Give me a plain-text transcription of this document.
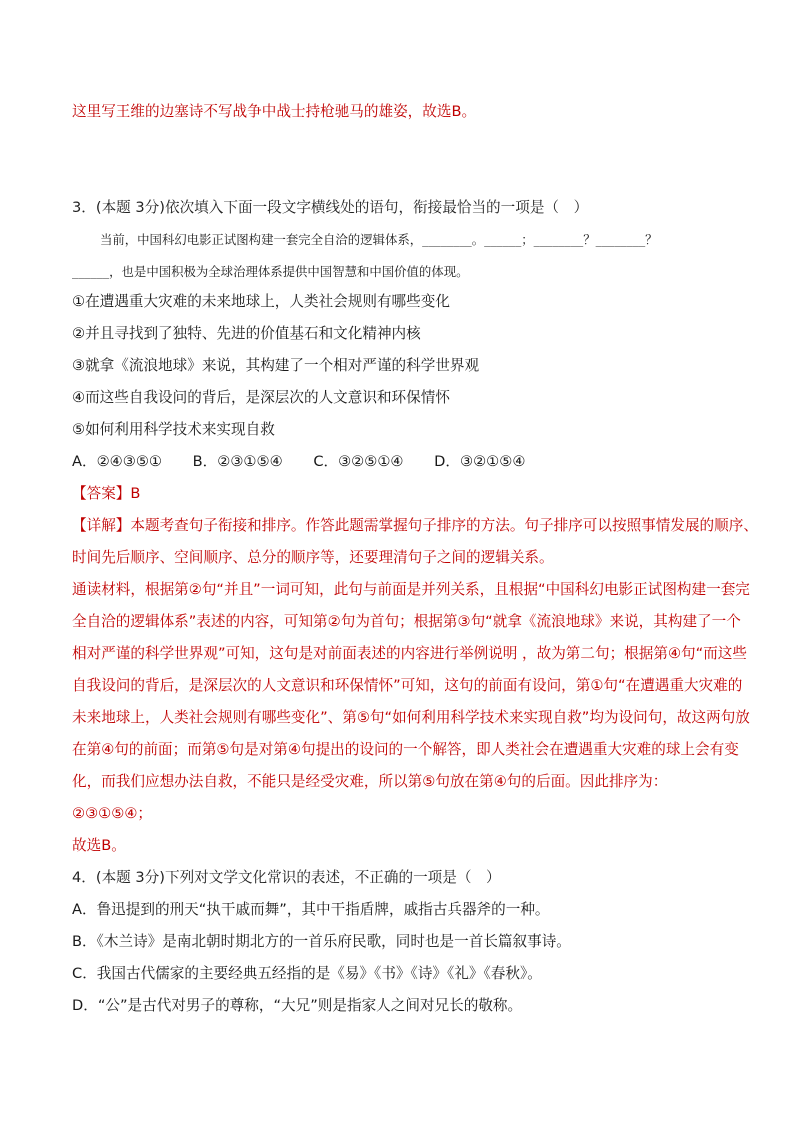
这里写王维的边塞诗不写战争中战士持枪驰马的雄姿，故选B。
3．(本题 3分)依次填入下面一段文字横线处的语句，衔接最恰当的一项是（　）
当前，中国科幻电影正试图构建一套完全自洽的逻辑体系，________。______；________？________？
______，也是中国积极为全球治理体系提供中国智慧和中国价值的体现。
①在遭遇重大灾难的未来地球上，人类社会规则有哪些变化
②并且寻找到了独特、先进的价值基石和文化精神内核
③就拿《流浪地球》来说，其构建了一个相对严谨的科学世界观
④而这些自我设问的背后，是深层次的人文意识和环保情怀
⑤如何利用科学技术来实现自救
A．②④③⑤① B．②③①⑤④ C．③②⑤①④ D．③②①⑤④
【答案】B
【详解】本题考查句子衔接和排序。作答此题需掌握句子排序的方法。句子排序可以按照事情发展的顺序、
时间先后顺序、空间顺序、总分的顺序等，还要理清句子之间的逻辑关系。
通读材料，根据第②句“并且”一词可知，此句与前面是并列关系，且根据“中国科幻电影正试图构建一套完
全自洽的逻辑体系”表述的内容，可知第②句为首句；根据第③句“就拿《流浪地球》来说，其构建了一个
相对严谨的科学世界观”可知，这句是对前面表述的内容进行举例说明 ，故为第二句；根据第④句“而这些
自我设问的背后，是深层次的人文意识和环保情怀”可知，这句的前面有设问，第①句“在遭遇重大灾难的
未来地球上，人类社会规则有哪些变化”、第⑤句“如何利用科学技术来实现自救”均为设问句，故这两句放
在第④句的前面；而第⑤句是对第④句提出的设问的一个解答，即人类社会在遭遇重大灾难的球上会有变
化，而我们应想办法自救，不能只是经受灾难，所以第⑤句放在第④句的后面。因此排序为：
②③①⑤④；
故选B。
4．(本题 3分)下列对文学文化常识的表述，不正确的一项是（　）
A．鲁迅提到的刑天“执干戚而舞”，其中干指盾牌，戚指古兵器斧的一种。
B．《木兰诗》是南北朝时期北方的一首乐府民歌，同时也是一首长篇叙事诗。
C．我国古代儒家的主要经典五经指的是《易》《书》《诗》《礼》《春秋》。
D．“公”是古代对男子的尊称，“大兄”则是指家人之间对兄长的敬称。
